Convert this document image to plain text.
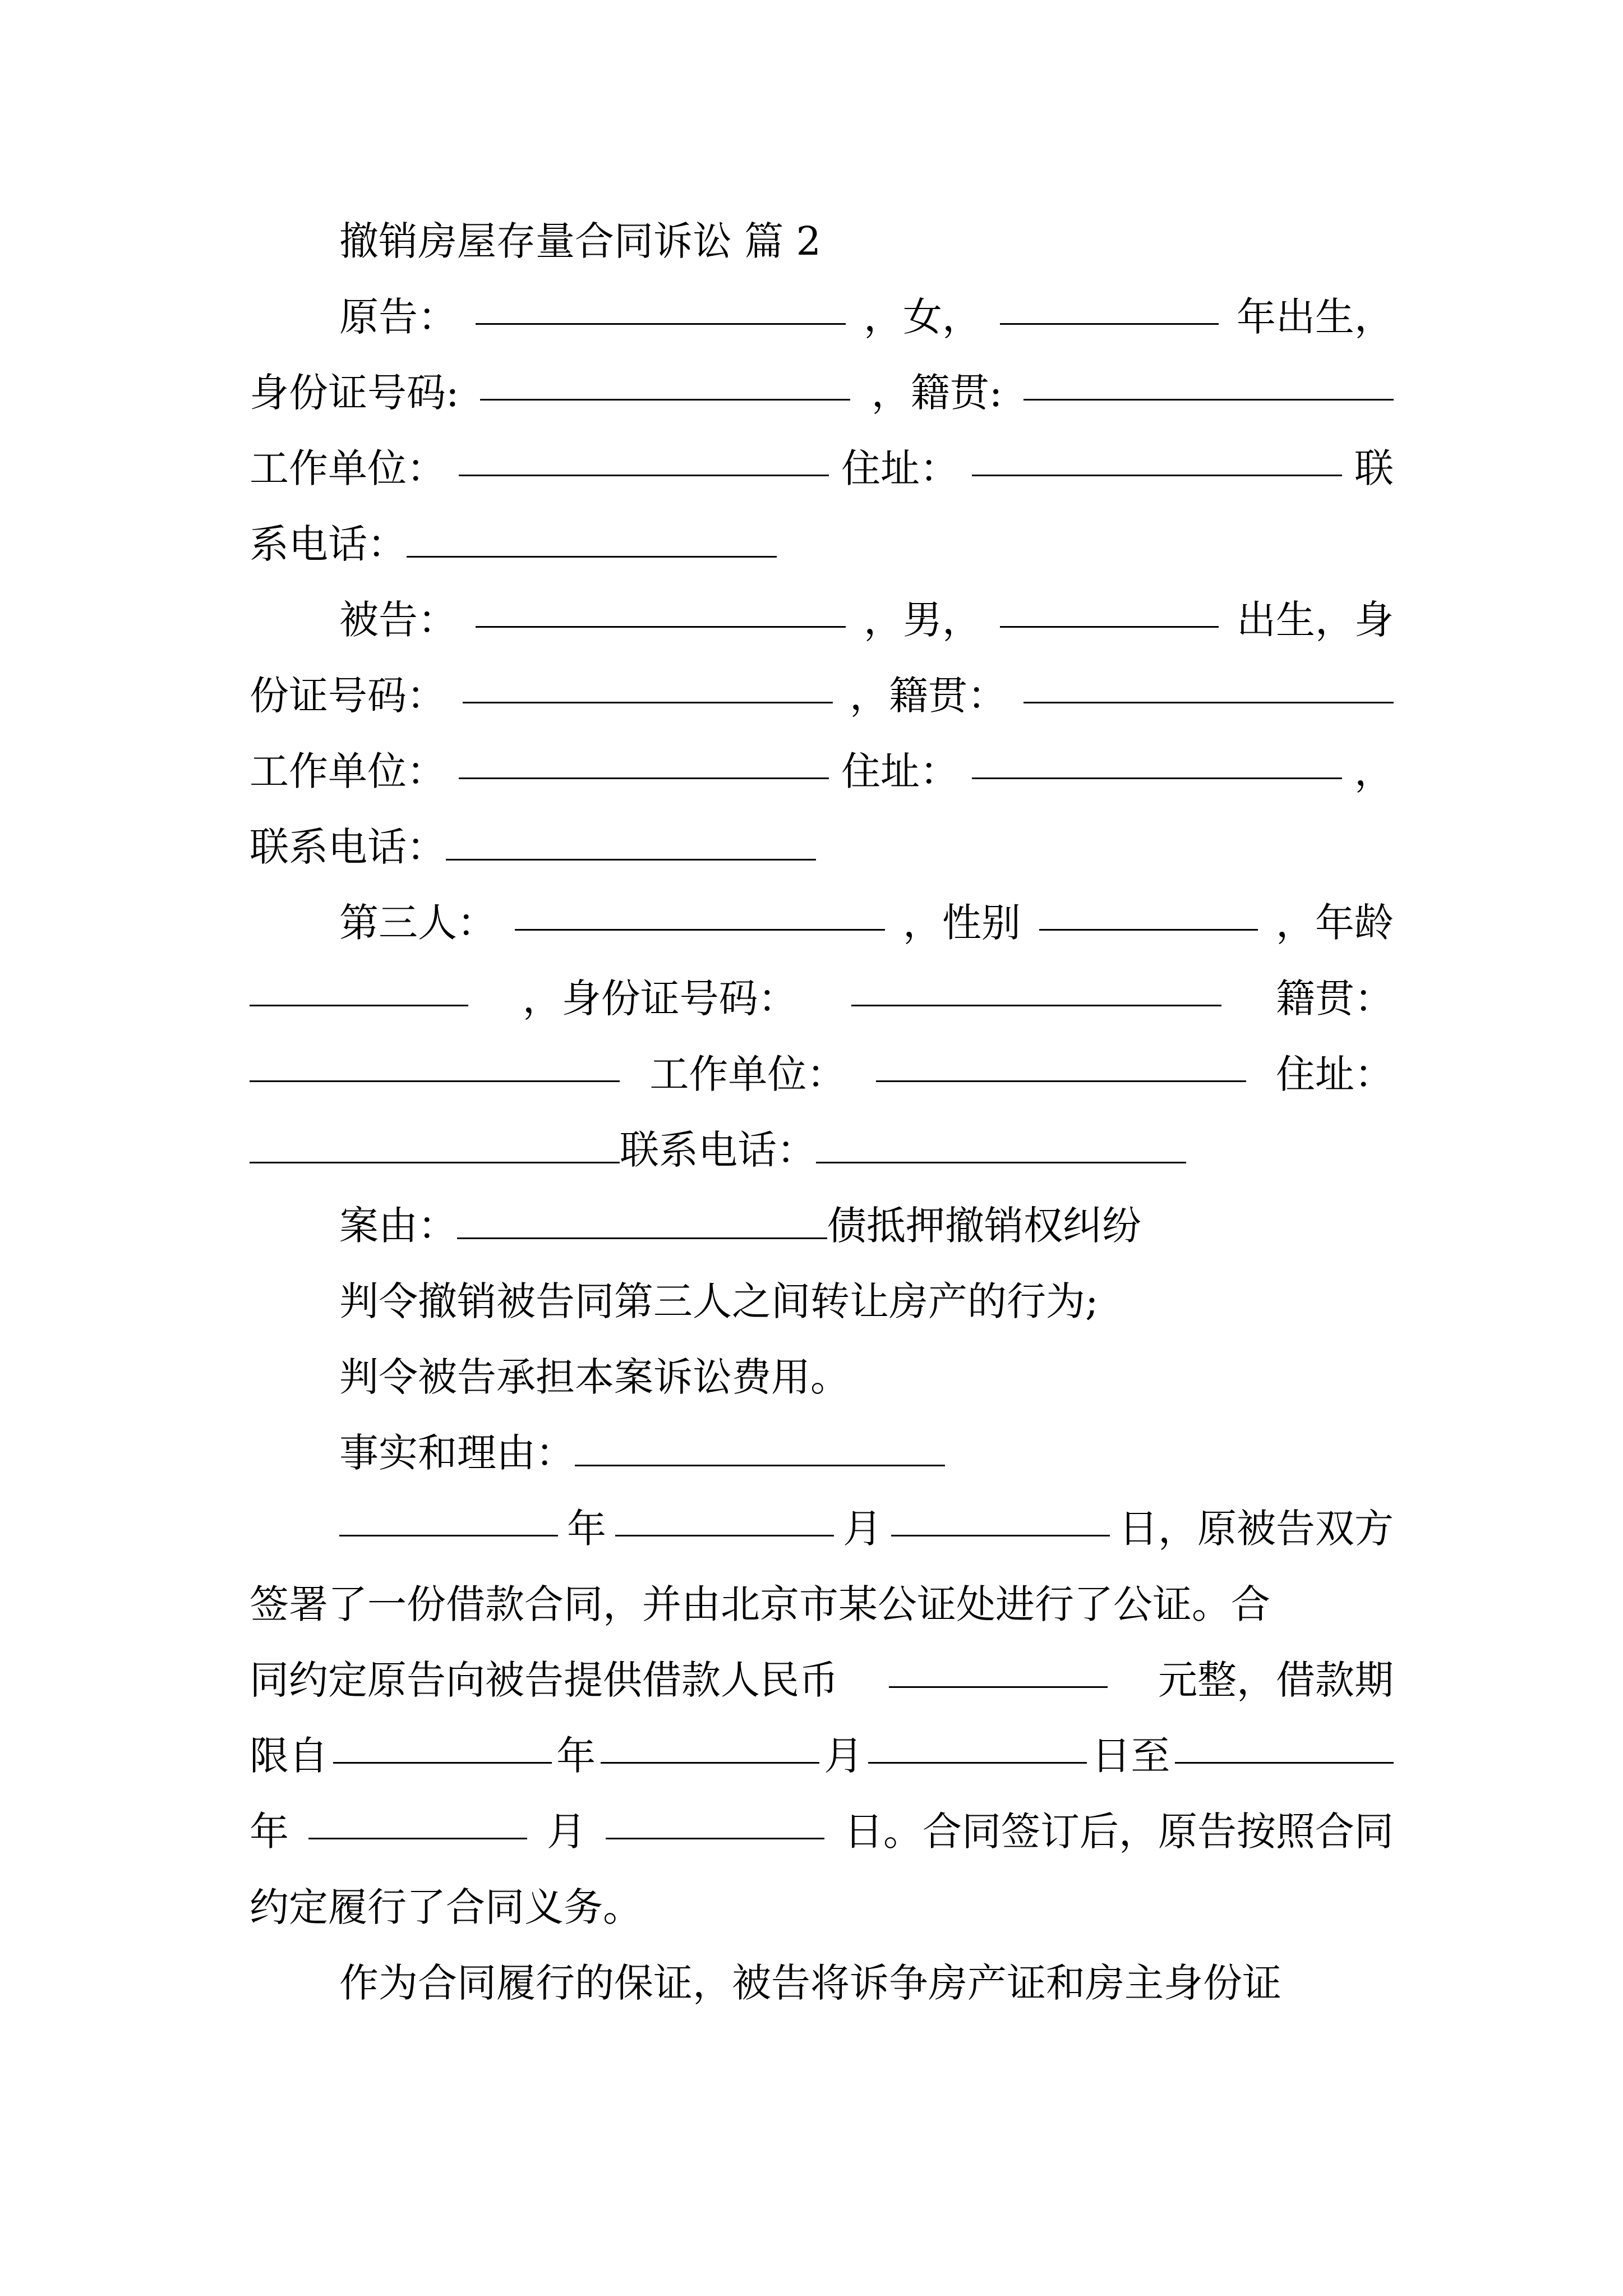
撤销房屋存量合同诉讼 篇 2
原告：	，女，	年出生，
身份证号码:	，籍贯:
工作单位：	住址：	联
系电话：
被告：	，男，	出生，身
份证号码：	，籍贯：
工作单位：	住址：	，
联系电话：
第三人：	，性别	，年龄
，身份证号码：	籍贯：
工作单位：	住址：
联系电话：
案由：	债抵押撤销权纠纷
判令撤销被告同第三人之间转让房产的行为;
判令被告承担本案诉讼费用。
事实和理由：
年	月	日，原被告双方
签署了一份借款合同，并由北京市某公证处进行了公证。合
同约定原告向被告提供借款人民币	元整，借款期
限自	年	月	日至
年	月	日。合同签订后，原告按照合同
约定履行了合同义务。
作为合同履行的保证，被告将诉争房产证和房主身份证
